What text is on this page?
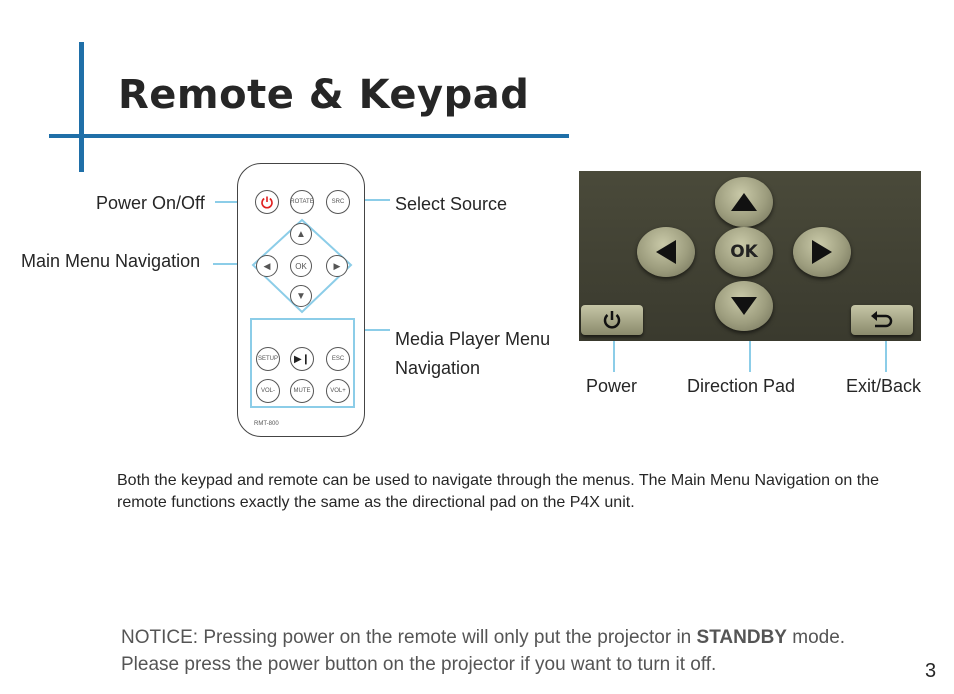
Remote & Keypad
Power On/Off	Select Source
Main Menu Navigation
Media Player Menu
Navigation
ROTATE	SRC
▲
◀	OK	▶
▼
SETUP	▶❙	ESC
VOL-	MUTE	VOL+
RMT-800
OK
Power	Direction Pad	Exit/Back
Both the keypad and remote can be used to navigate through the menus. The Main Menu Navigation on the remote functions exactly the same as the directional pad on the P4X unit.
NOTICE: Pressing power on the remote will only put the projector in STANDBY mode. Please press the power button on the projector if you want to turn it off.	3
